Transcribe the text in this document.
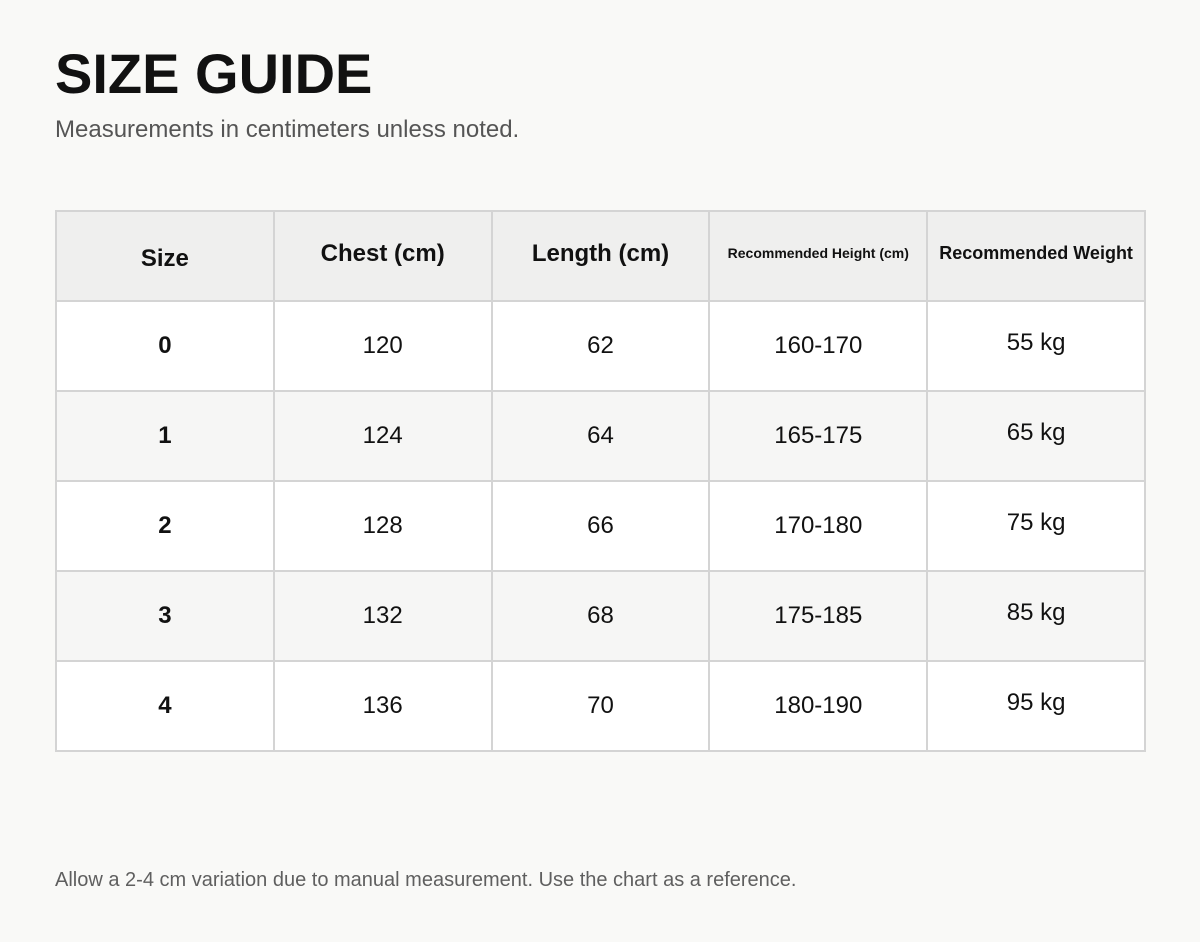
SIZE GUIDE

Measurements in centimeters unless noted.

Size	Chest (cm)	Length (cm)	Recommended Height (cm)	Recommended Weight
0	120	62	160-170	55 kg
1	124	64	165-175	65 kg
2	128	66	170-180	75 kg
3	132	68	175-185	85 kg
4	136	70	180-190	95 kg

Allow a 2-4 cm variation due to manual measurement. Use the chart as a reference.
